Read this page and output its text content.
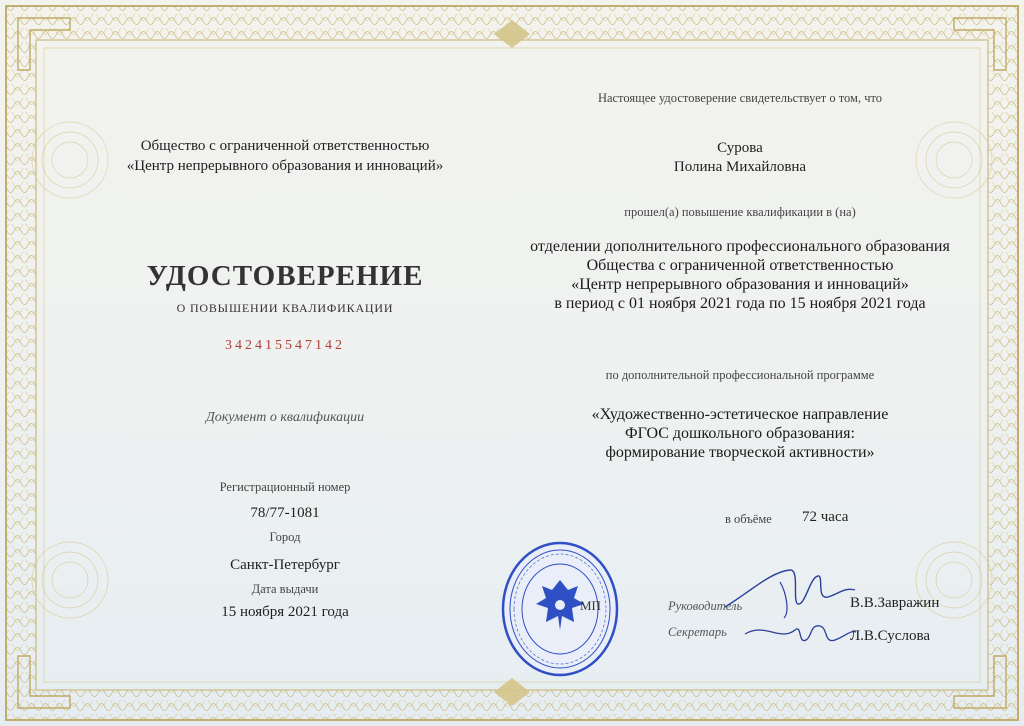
Общество с ограниченной ответственностью
«Центр непрерывного образования и инноваций»
УДОСТОВЕРЕНИЕ
О ПОВЫШЕНИИ КВАЛИФИКАЦИИ
342415547142
Документ о квалификации
Регистрационный номер
78/77-1081
Город
Санкт-Петербург
Дата выдачи
15 ноября 2021 года
Настоящее удостоверение свидетельствует о том, что
Сурова
Полина Михайловна
прошел(а) повышение квалификации в (на)
отделении дополнительного профессионального образования
Общества с ограниченной ответственностью
«Центр непрерывного образования и инноваций»
в период с 01 ноября 2021 года по 15 ноября 2021 года
по дополнительной профессиональной программе
«Художественно-эстетическое направление
ФГОС дошкольного образования:
формирование творческой активности»
в объёме 72 часа
МП	Руководитель	В.В.Завражин
Секретарь	Л.В.Суслова
